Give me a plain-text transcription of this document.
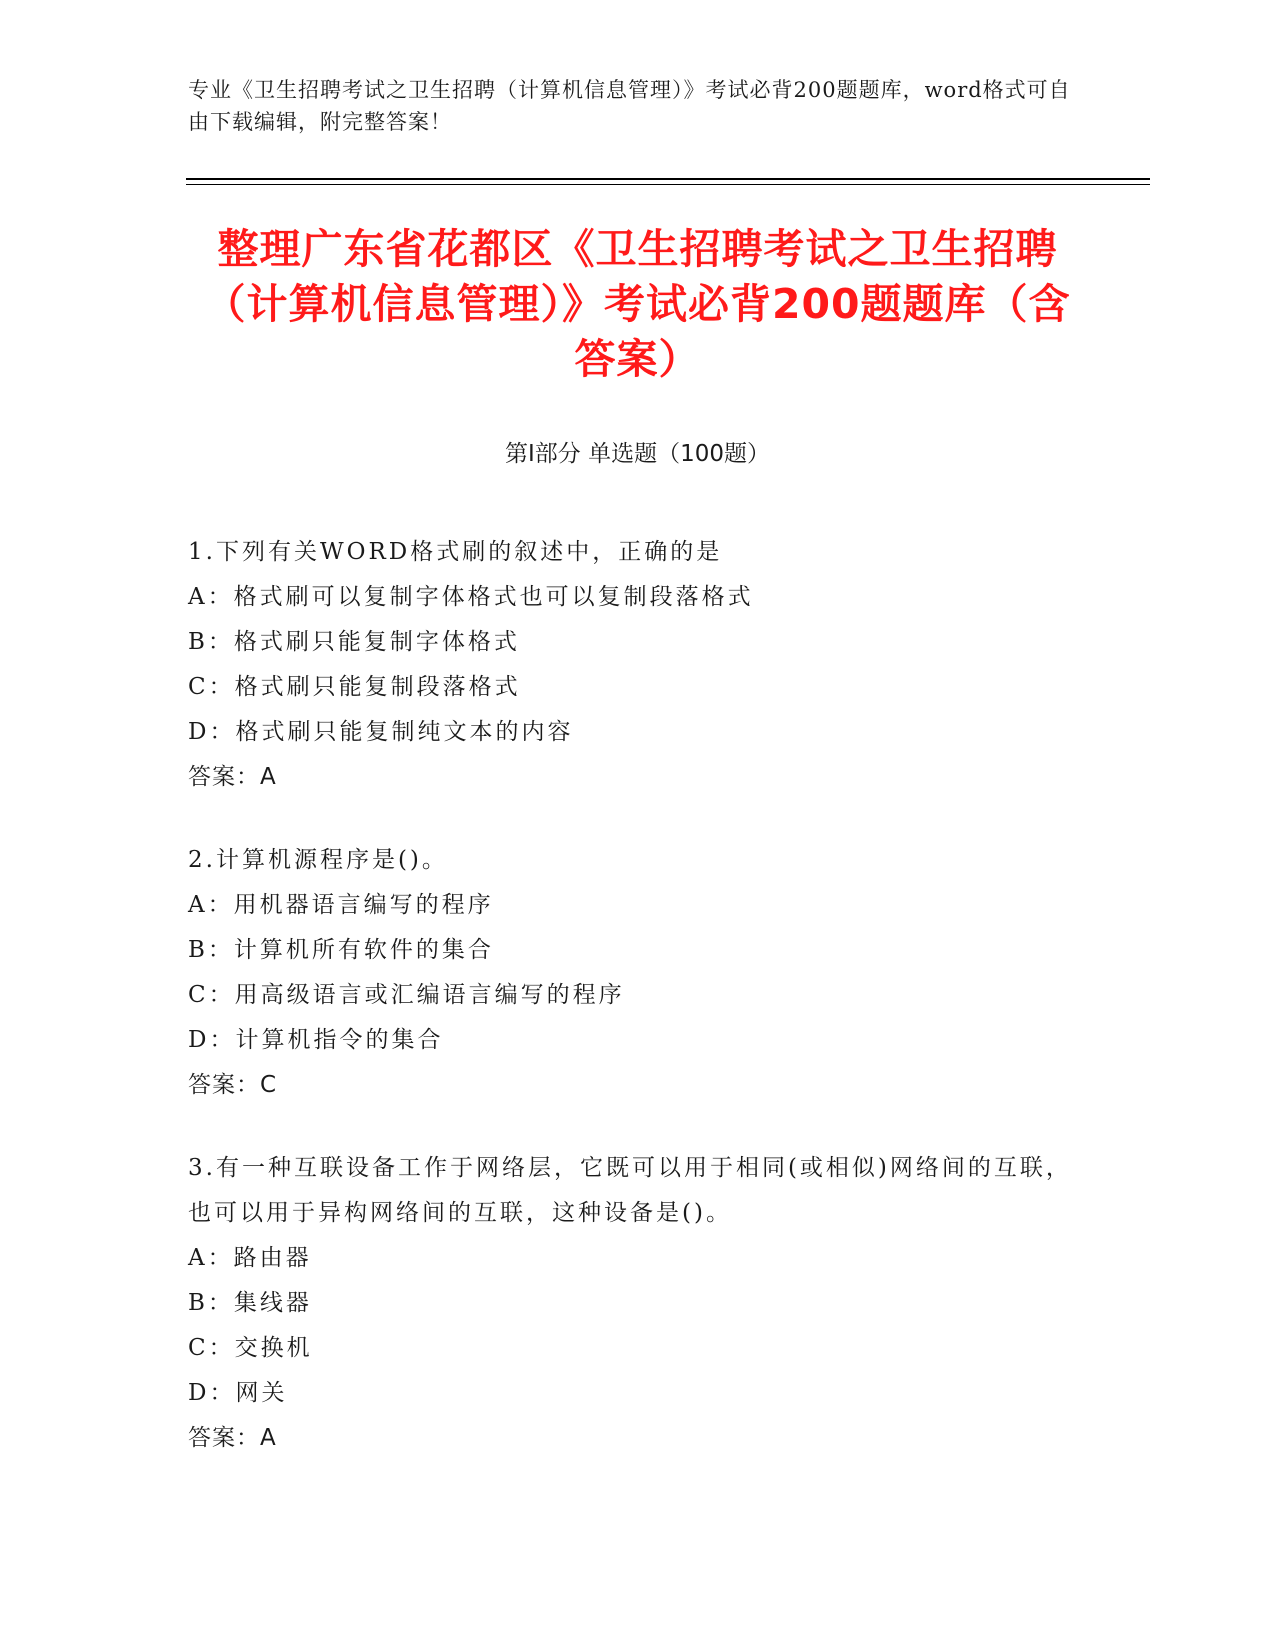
专业《卫生招聘考试之卫生招聘（计算机信息管理）》考试必背200题题库，word格式可自由下载编辑，附完整答案！
整理广东省花都区《卫生招聘考试之卫生招聘（计算机信息管理）》考试必背200题题库（含答案）
第Ⅰ部分 单选题（100题）
1.下列有关WORD格式刷的叙述中，正确的是
A：格式刷可以复制字体格式也可以复制段落格式
B：格式刷只能复制字体格式
C：格式刷只能复制段落格式
D：格式刷只能复制纯文本的内容
答案：A
2.计算机源程序是()。
A：用机器语言编写的程序
B：计算机所有软件的集合
C：用高级语言或汇编语言编写的程序
D：计算机指令的集合
答案：C
3.有一种互联设备工作于网络层，它既可以用于相同(或相似)网络间的互联，也可以用于异构网络间的互联，这种设备是()。
A：路由器
B：集线器
C：交换机
D：网关
答案：A
